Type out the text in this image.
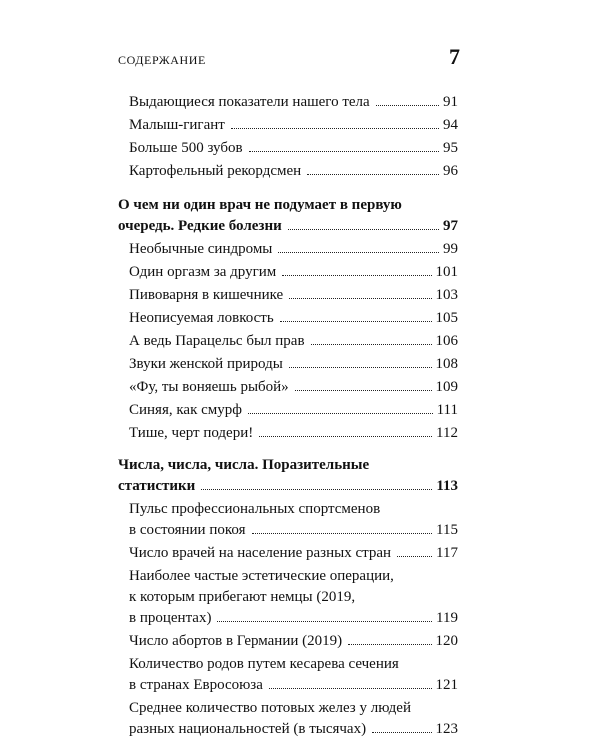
СОДЕРЖАНИЕ	7
Выдающиеся показатели нашего тела	91
Малыш-гигант	94
Больше 500 зубов	95
Картофельный рекордсмен	96
О чем ни один врач не подумает в первую
очередь. Редкие болезни	97
Необычные синдромы	99
Один оргазм за другим	101
Пивоварня в кишечнике	103
Неописуемая ловкость	105
А ведь Парацельс был прав	106
Звуки женской природы	108
«Фу, ты воняешь рыбой»	109
Синяя, как смурф	111
Тише, черт подери!	112
Числа, числа, числа. Поразительные
статистики	113
Пульс профессиональных спортсменов
в состоянии покоя	115
Число врачей на население разных стран	117
Наиболее частые эстетические операции,
к которым прибегают немцы (2019,
в процентах)	119
Число абортов в Германии (2019)	120
Количество родов путем кесарева сечения
в странах Евросоюза	121
Среднее количество потовых желез у людей
разных национальностей (в тысячах)	123
